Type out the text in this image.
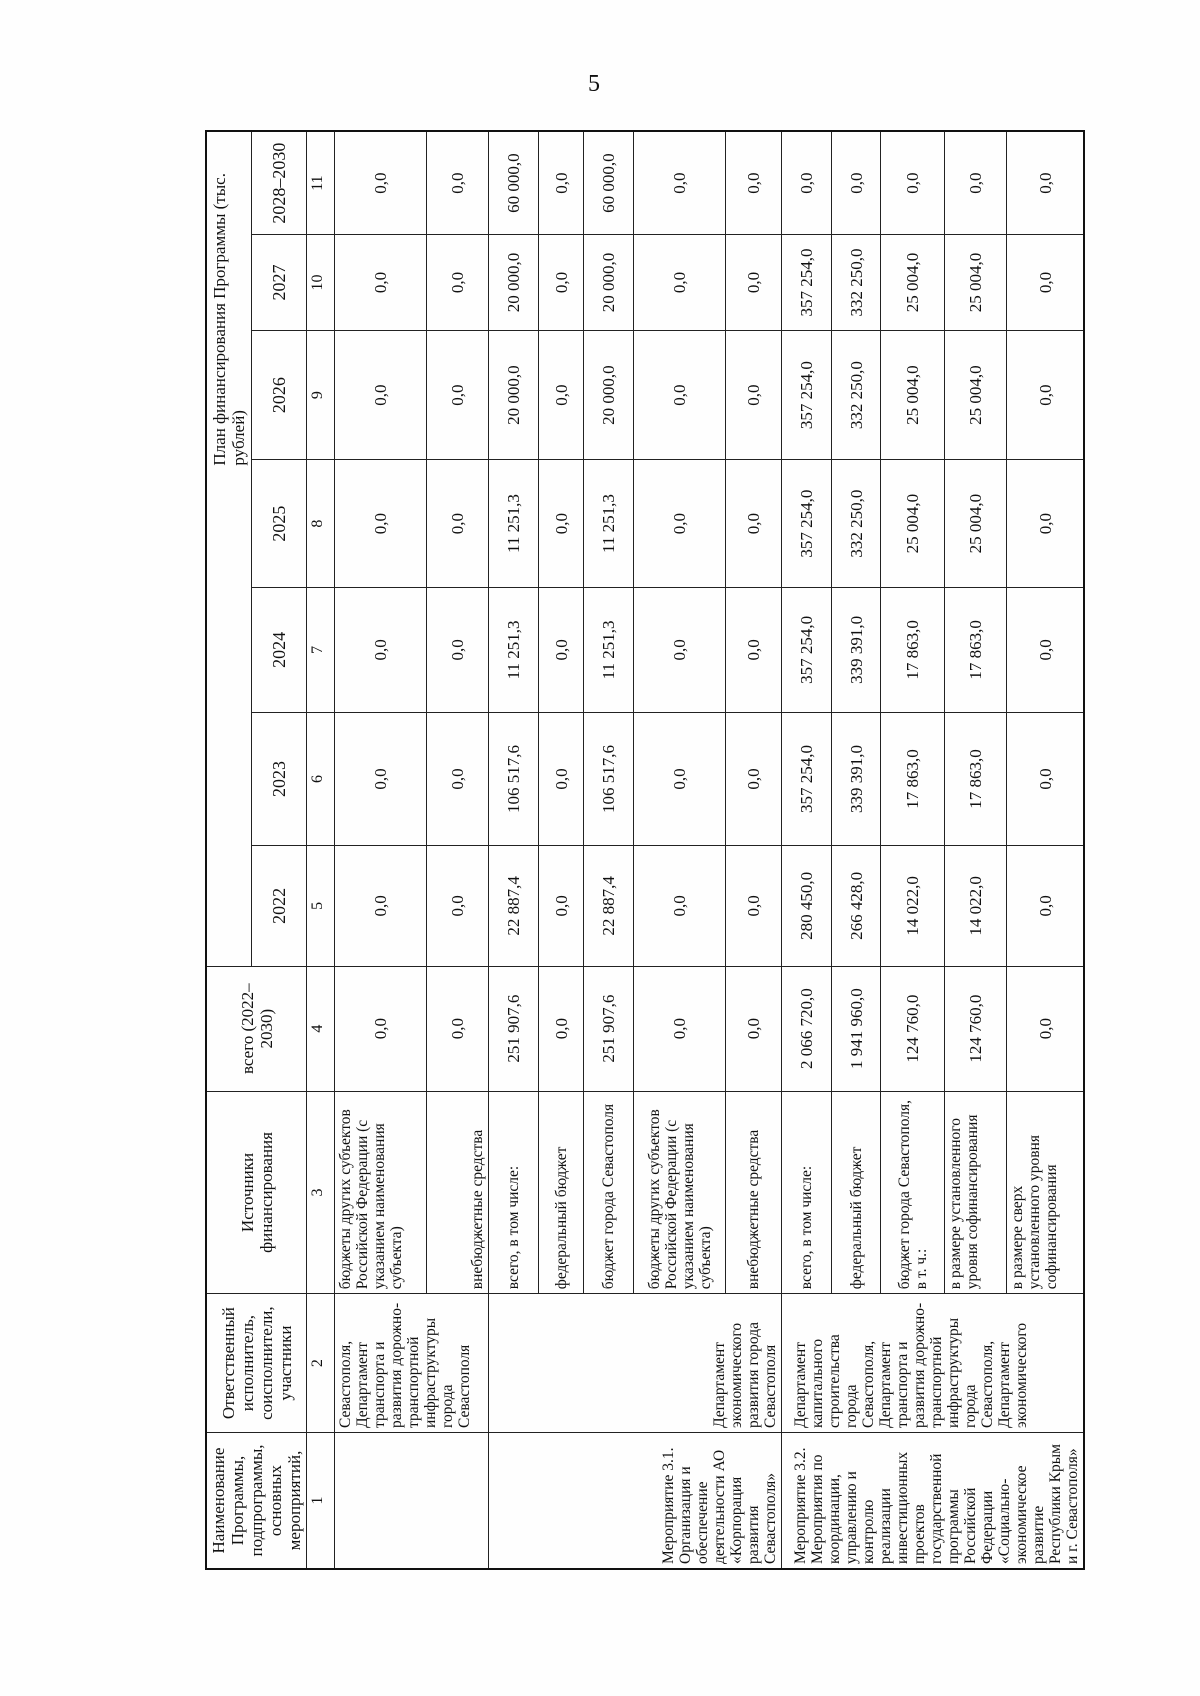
5
Наименование Программы, подпрограммы, основных мероприятий,	Ответственный исполнитель, соисполнители, участники	Источники финансирования	всего (2022–2030)	План финансирования Программы (тыс. рублей)						
				2022	2023	2024	2025	2026	2027	2028–2030
1	2	3	4	5	6	7	8	9	10	11
	Севастополя, Департамент транспорта и развития дорожно-транспортной инфраструктуры города Севастополя	бюджеты других субъектов Российской Федерации (с указанием наименования субъекта)	0,0	0,0	0,0	0,0	0,0	0,0	0,0	0,0
		внебюджетные средства	0,0	0,0	0,0	0,0	0,0	0,0	0,0	0,0
Мероприятие 3.1. Организация и обеспечение деятельности АО «Корпорация развития Севастополя»	Департамент экономического развития города Севастополя	всего, в том числе:	251 907,6	22 887,4	106 517,6	11 251,3	11 251,3	20 000,0	20 000,0	60 000,0
		федеральный бюджет	0,0	0,0	0,0	0,0	0,0	0,0	0,0	0,0
		бюджет города Севастополя	251 907,6	22 887,4	106 517,6	11 251,3	11 251,3	20 000,0	20 000,0	60 000,0
		бюджеты других субъектов Российской Федерации (с указанием наименования субъекта)	0,0	0,0	0,0	0,0	0,0	0,0	0,0	0,0
		внебюджетные средства	0,0	0,0	0,0	0,0	0,0	0,0	0,0	0,0
Мероприятие 3.2. Мероприятия по координации, управлению и контролю реализации инвестиционных проектов государственной программы Российской Федерации «Социально-экономическое развитие Республики Крым и г. Севастополя»	Департамент капитального строительства города Севастополя, Департамент транспорта и развития дорожно-транспортной инфраструктуры города Севастополя, Департамент экономического	всего, в том числе:	2 066 720,0	280 450,0	357 254,0	357 254,0	357 254,0	357 254,0	357 254,0	0,0
		федеральный бюджет	1 941 960,0	266 428,0	339 391,0	339 391,0	332 250,0	332 250,0	332 250,0	0,0
		бюджет города Севастополя, в т. ч.:	124 760,0	14 022,0	17 863,0	17 863,0	25 004,0	25 004,0	25 004,0	0,0
		в размере установленного уровня софинансирования	124 760,0	14 022,0	17 863,0	17 863,0	25 004,0	25 004,0	25 004,0	0,0
		в размере сверх установленного уровня софинансирования	0,0	0,0	0,0	0,0	0,0	0,0	0,0	0,0
